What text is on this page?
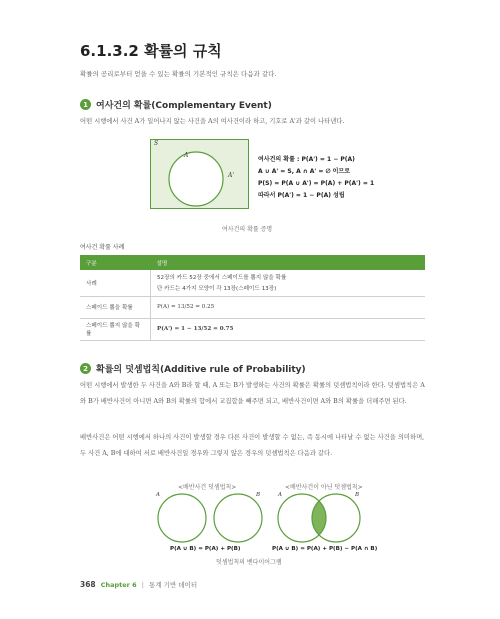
6.1.3.2 확률의 규칙
확률의 공리로부터 얻을 수 있는 확률의 기본적인 규칙은 다음과 같다.
1 여사건의 확률(Complementary Event)
어떤 시행에서 사건 A가 일어나지 않는 사건을 A의 여사건이라 하고, 기호로 A'과 같이 나타낸다.
S
A
A'
여사건의 확률 : P(A') = 1 − P(A)
A ∪ A' = S, A ∩ A' = ∅ 이므로
P(S) = P(A ∪ A') = P(A) + P(A') = 1
따라서 P(A') = 1 − P(A) 성립
여사건의 확률 증명
여사건 확률 사례
구분	설명
사례	52장의 카드 52장 중에서 스페이드를 뽑지 않을 확률
단 카드는 4가지 모양이 각 13장(스페이드 13장)

스페이드 뽑을 확률	P(A) = 13/52 = 0.25
스페이드 뽑지 않을 확률	P(A') = 1 − 13/52 = 0.75
2 확률의 덧셈법칙(Additive rule of Probability)
어떤 시행에서 발생한 두 사건을 A와 B라 할 때, A 또는 B가 발생하는 사건의 확률은 확률의 덧셈법칙이라 한다. 덧셈법칙은 A와 B가 배반사건이 아니면 A와 B의 확률의 합에서 교집합을 빼주면 되고, 배반사건이면 A와 B의 확률을 더해주면 된다.
배반사건은 어떤 시행에서 하나의 사건이 발생할 경우 다른 사건이 발생할 수 없는, 즉 동시에 나타날 수 없는 사건을 의미하며, 두 사건 A, B에 대하여 서로 배반사건일 경우와 그렇지 않은 경우의 덧셈법칙은 다음과 같다.
<배반사건 덧셈법칙>	<배반사건이 아닌 덧셈법칙>
A	B	A	B
P(A ∪ B) = P(A) + P(B)	P(A ∪ B) = P(A) + P(B) − P(A ∩ B)
덧셈법칙의 벤다이어그램
368 Chapter 6 | 통계 기반 데이터
